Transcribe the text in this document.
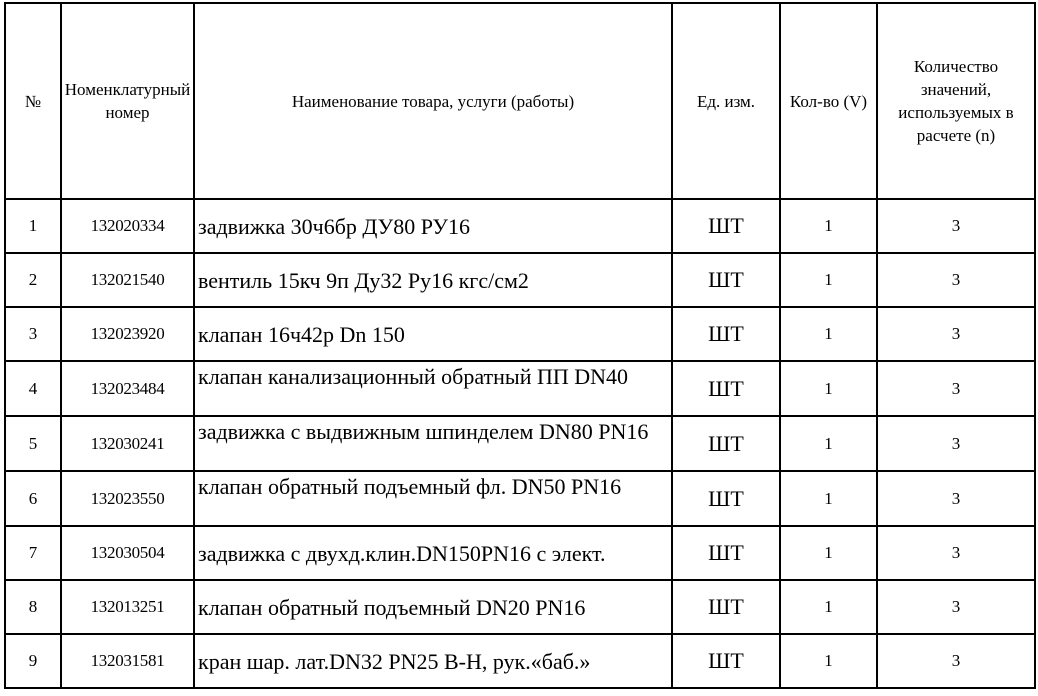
№	Номенклатурный номер	Наименование товара, услуги (работы)	Ед. изм.	Кол-во (V)	Количество значений, используемых в расчете (n)
1	132020334	задвижка 30ч6бр ДУ80 РУ16	ШТ	1	3
2	132021540	вентиль 15кч 9п Ду32 Ру16 кгс/см2	ШТ	1	3
3	132023920	клапан 16ч42р Dn 150	ШТ	1	3
4	132023484	клапан канализационный обратный ПП DN40	ШТ	1	3
5	132030241	задвижка с выдвижным шпинделем DN80 PN16	ШТ	1	3
6	132023550	клапан обратный подъемный фл. DN50 PN16	ШТ	1	3
7	132030504	задвижка с двухд.клин.DN150PN16 с элект.	ШТ	1	3
8	132013251	клапан обратный подъемный DN20 PN16	ШТ	1	3
9	132031581	кран шар. лат.DN32 PN25 В-Н, рук.«баб.»	ШТ	1	3
